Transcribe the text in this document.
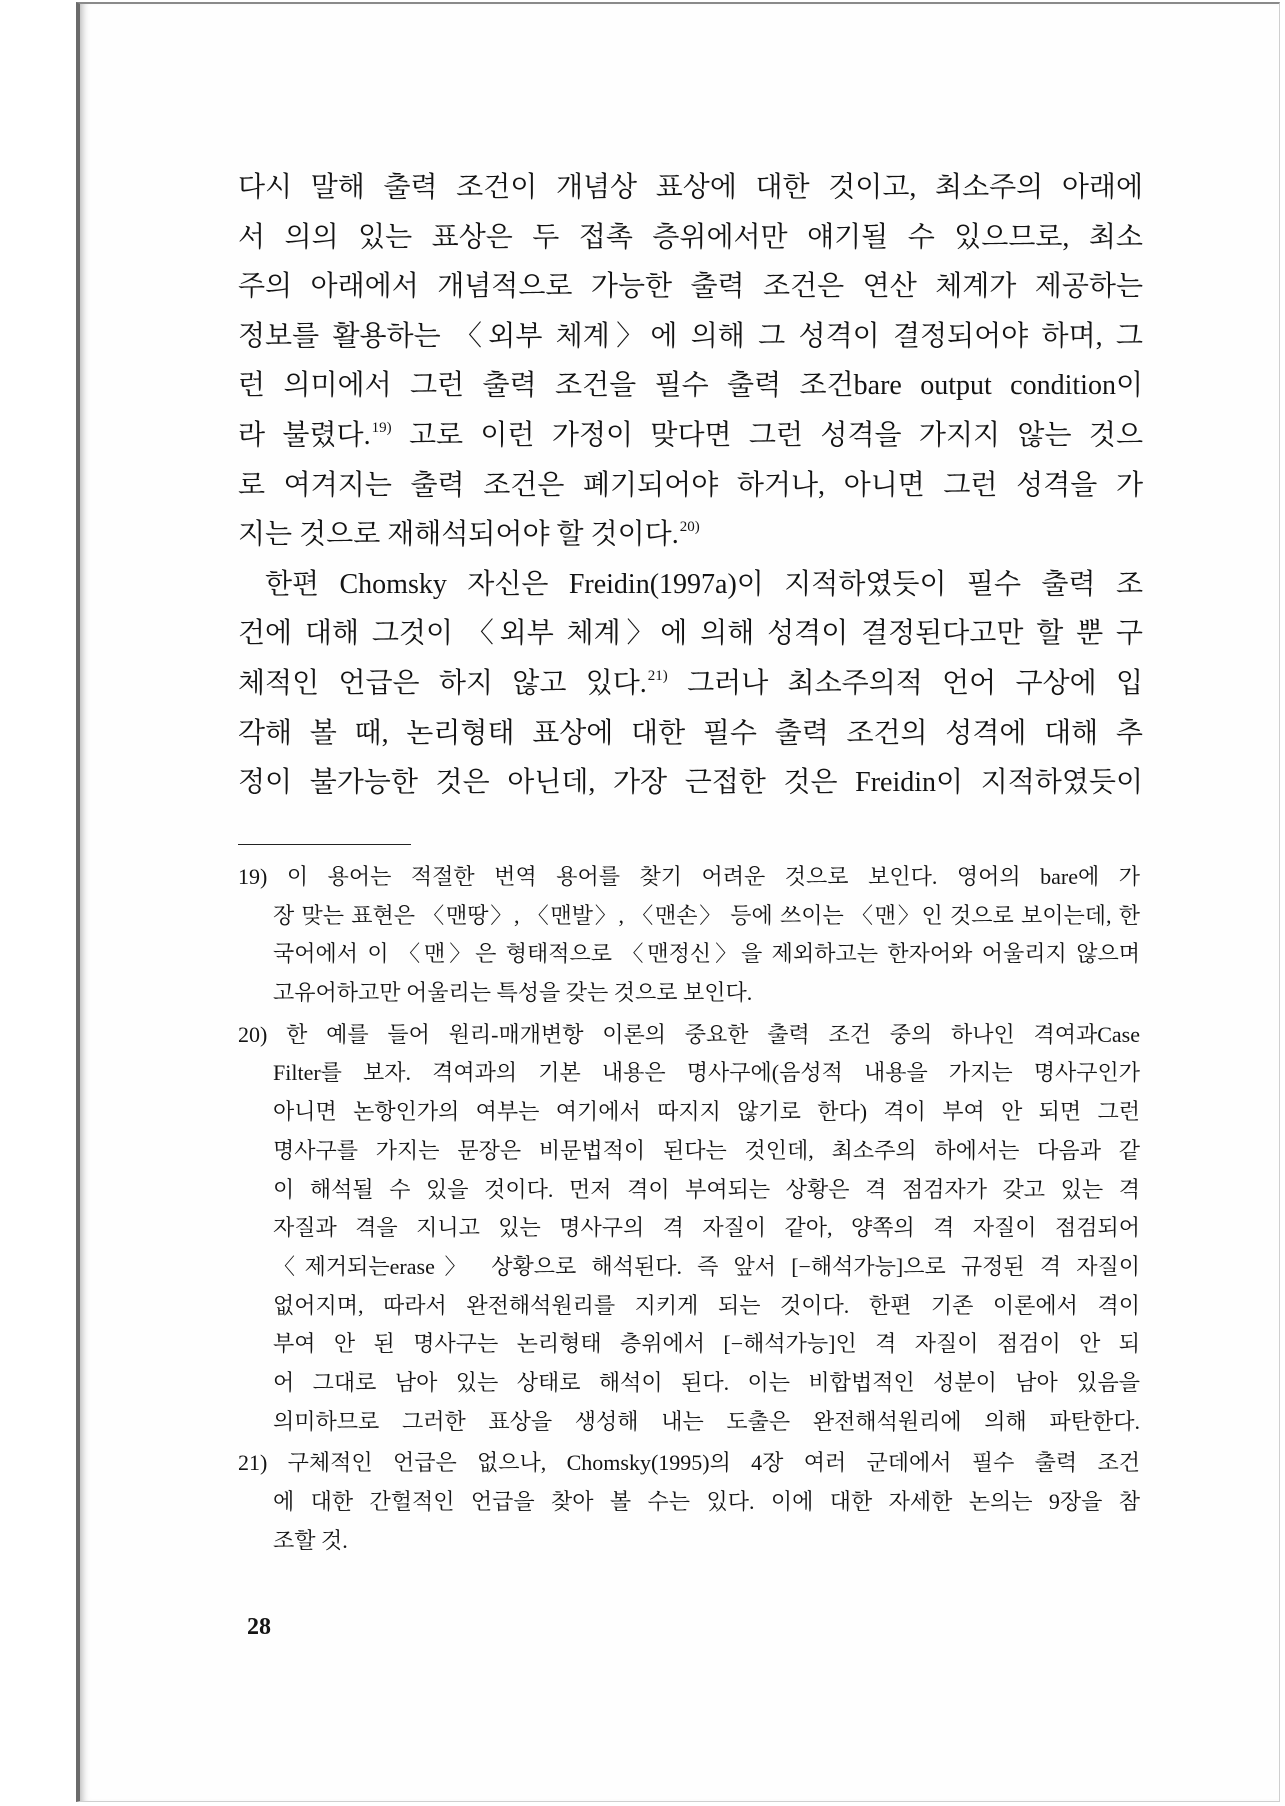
다시 말해 출력 조건이 개념상 표상에 대한 것이고, 최소주의 아래에
서 의의 있는 표상은 두 접촉 층위에서만 얘기될 수 있으므로, 최소
주의 아래에서 개념적으로 가능한 출력 조건은 연산 체계가 제공하는
정보를 활용하는 〈외부 체계〉에 의해 그 성격이 결정되어야 하며, 그
런 의미에서 그런 출력 조건을 필수 출력 조건bare output condition이
라 불렸다.$^{19)}$ 고로 이런 가정이 맞다면 그런 성격을 가지지 않는 것으
로 여겨지는 출력 조건은 폐기되어야 하거나, 아니면 그런 성격을 가
지는 것으로 재해석되어야 할 것이다.$^{20)}$
한편 Chomsky 자신은 Freidin(1997a)이 지적하였듯이 필수 출력 조
건에 대해 그것이 〈외부 체계〉에 의해 성격이 결정된다고만 할 뿐 구
체적인 언급은 하지 않고 있다.$^{21)}$ 그러나 최소주의적 언어 구상에 입
각해 볼 때, 논리형태 표상에 대한 필수 출력 조건의 성격에 대해 추
정이 불가능한 것은 아닌데, 가장 근접한 것은 Freidin이 지적하였듯이
19) 이 용어는 적절한 번역 용어를 찾기 어려운 것으로 보인다. 영어의 bare에 가
장 맞는 표현은 〈맨땅〉, 〈맨발〉, 〈맨손〉 등에 쓰이는 〈맨〉인 것으로 보이는데, 한
국어에서 이 〈맨〉은 형태적으로 〈맨정신〉을 제외하고는 한자어와 어울리지 않으며
고유어하고만 어울리는 특성을 갖는 것으로 보인다.
20) 한 예를 들어 원리-매개변항 이론의 중요한 출력 조건 중의 하나인 격여과Case
Filter를 보자. 격여과의 기본 내용은 명사구에(음성적 내용을 가지는 명사구인가
아니면 논항인가의 여부는 여기에서 따지지 않기로 한다) 격이 부여 안 되면 그런
명사구를 가지는 문장은 비문법적이 된다는 것인데, 최소주의 하에서는 다음과 같
이 해석될 수 있을 것이다. 먼저 격이 부여되는 상황은 격 점검자가 갖고 있는 격
자질과 격을 지니고 있는 명사구의 격 자질이 같아, 양쪽의 격 자질이 점검되어
〈제거되는erase〉 상황으로 해석된다. 즉 앞서 [−해석가능]으로 규정된 격 자질이
없어지며, 따라서 완전해석원리를 지키게 되는 것이다. 한편 기존 이론에서 격이
부여 안 된 명사구는 논리형태 층위에서 [−해석가능]인 격 자질이 점검이 안 되
어 그대로 남아 있는 상태로 해석이 된다. 이는 비합법적인 성분이 남아 있음을
의미하므로 그러한 표상을 생성해 내는 도출은 완전해석원리에 의해 파탄한다.
21) 구체적인 언급은 없으나, Chomsky(1995)의 4장 여러 군데에서 필수 출력 조건
에 대한 간헐적인 언급을 찾아 볼 수는 있다. 이에 대한 자세한 논의는 9장을 참
조할 것.
28
